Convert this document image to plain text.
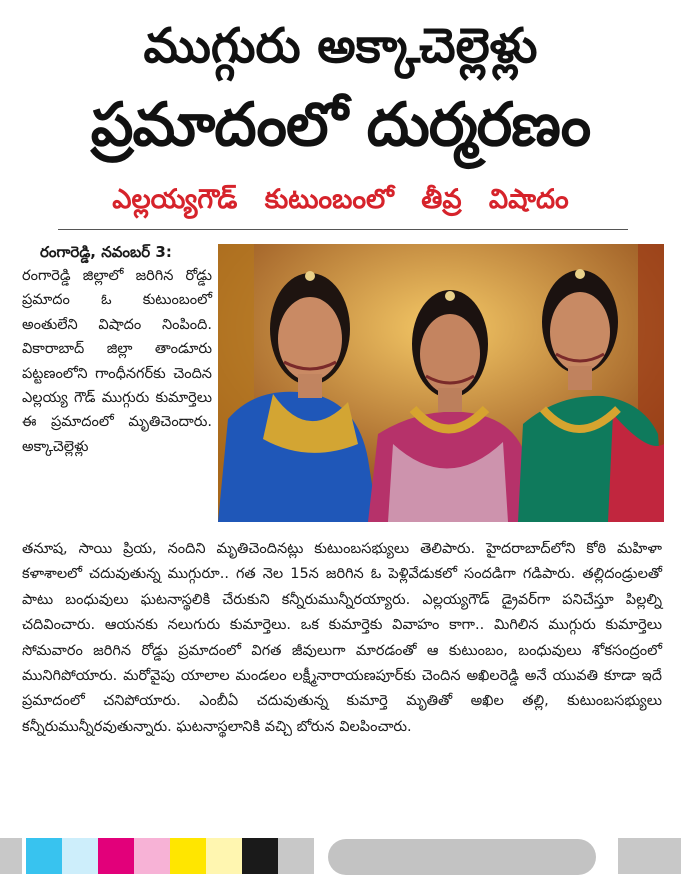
ముగ్గురు అక్కాచెల్లెళ్లు
ప్రమాదంలో దుర్మరణం
ఎల్లయ్యగౌడ్ కుటుంబంలో తీవ్ర విషాదం
రంగారెడ్డి, నవంబర్ 3:

రంగారెడ్డి జిల్లాలో జరిగిన రోడ్డు ప్రమాదం ఓ కుటుంబంలో అంతులేని విషాదం నింపింది. వికారాబాద్ జిల్లా తాండూరు పట్టణంలోని గాంధీనగర్‌కు చెందిన ఎల్లయ్య గౌడ్ ముగ్గురు కుమార్తెలు ఈ ప్రమాదంలో మృతిచెందారు. అక్కాచెల్లెళ్లు

తనూష, సాయి ప్రియ, నందిని మృతిచెందినట్లు కుటుంబసభ్యులు తెలిపారు. హైదరాబాద్‌లోని కోఠి మహిళా కళాశాలలో చదువుతున్న ముగ్గురూ.. గత నెల 15న జరిగిన ఓ పెళ్లివేడుకలో సందడిగా గడిపారు. తల్లిదండ్రులతో పాటు బంధువులు ఘటనాస్థలికి చేరుకుని కన్నీరుమున్నీరయ్యారు. ఎల్లయ్యగౌడ్ డ్రైవర్‌గా పనిచేస్తూ పిల్లల్ని చదివించారు. ఆయనకు నలుగురు కుమార్తెలు. ఒక కుమార్తెకు వివాహం కాగా.. మిగిలిన ముగ్గురు కుమార్తెలు సోమవారం జరిగిన రోడ్డు ప్రమాదంలో విగత జీవులుగా మారడంతో ఆ కుటుంబం, బంధువులు శోకసంద్రంలో మునిగిపోయారు. మరోవైపు యాలాల మండలం లక్ష్మీనారాయణపూర్‌కు చెందిన అఖిలరెడ్డి అనే యువతి కూడా ఇదే ప్రమాదంలో చనిపోయారు. ఎంబీఏ చదువుతున్న కుమార్తె మృతితో అఖిల తల్లి, కుటుంబసభ్యులు కన్నీరుమున్నీరవుతున్నారు. ఘటనాస్థలానికి వచ్చి బోరున విలపించారు.
